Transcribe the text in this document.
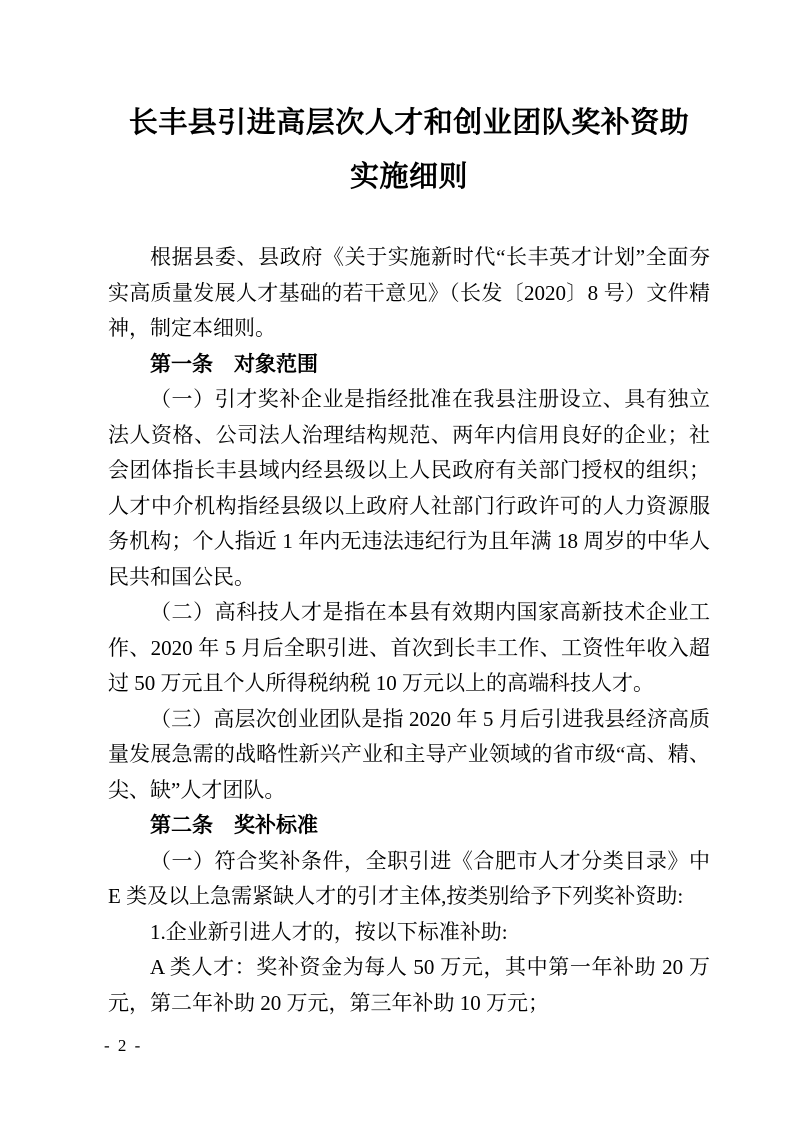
长丰县引进高层次人才和创业团队奖补资助
实施细则

根据县委、县政府《关于实施新时代“长丰英才计划”全面夯实高质量发展人才基础的若干意见》（长发〔2020〕8 号）文件精神，制定本细则。

第一条　对象范围

（一）引才奖补企业是指经批准在我县注册设立、具有独立法人资格、公司法人治理结构规范、两年内信用良好的企业；社会团体指长丰县域内经县级以上人民政府有关部门授权的组织；人才中介机构指经县级以上政府人社部门行政许可的人力资源服务机构；个人指近 1 年内无违法违纪行为且年满 18 周岁的中华人民共和国公民。

（二）高科技人才是指在本县有效期内国家高新技术企业工作、2020 年 5 月后全职引进、首次到长丰工作、工资性年收入超过 50 万元且个人所得税纳税 10 万元以上的高端科技人才。

（三）高层次创业团队是指 2020 年 5 月后引进我县经济高质量发展急需的战略性新兴产业和主导产业领域的省市级“高、精、尖、缺”人才团队。

第二条　奖补标准

（一）符合奖补条件，全职引进《合肥市人才分类目录》中 E 类及以上急需紧缺人才的引才主体,按类别给予下列奖补资助:

1.企业新引进人才的，按以下标准补助:

A 类人才：奖补资金为每人 50 万元，其中第一年补助 20 万元，第二年补助 20 万元，第三年补助 10 万元；

- 2 -
